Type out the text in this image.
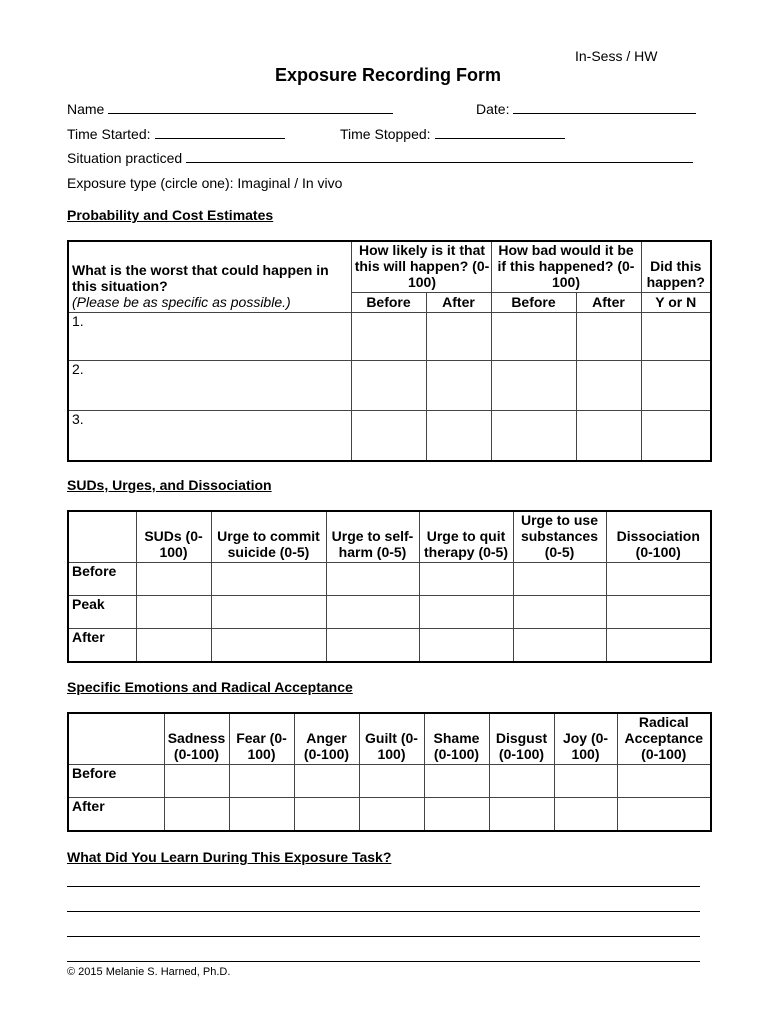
In-Sess / HW
Exposure Recording Form
Name	Date:
Time Started:	Time Stopped:
Situation practiced
Exposure type (circle one): Imaginal / In vivo
Probability and Cost Estimates
What is the worst that could happen in this situation?
(Please be as specific as possible.)	How likely is it that this will happen? (0-100)		How bad would it be if this happened? (0-100)		Did this happen?
	Before	After	Before	After	Y or N
1.					
2.					
3.					
SUDs, Urges, and Dissociation
	SUDs (0-100)	Urge to commit suicide (0-5)	Urge to self-harm (0-5)	Urge to quit therapy (0-5)	Urge to use substances (0-5)	Dissociation (0-100)
Before						
Peak						
After						
Specific Emotions and Radical Acceptance
	Sadness (0-100)	Fear (0-100)	Anger (0-100)	Guilt (0-100)	Shame (0-100)	Disgust (0-100)	Joy (0-100)	Radical Acceptance (0-100)
Before								
After								
What Did You Learn During This Exposure Task?
© 2015 Melanie S. Harned, Ph.D.
